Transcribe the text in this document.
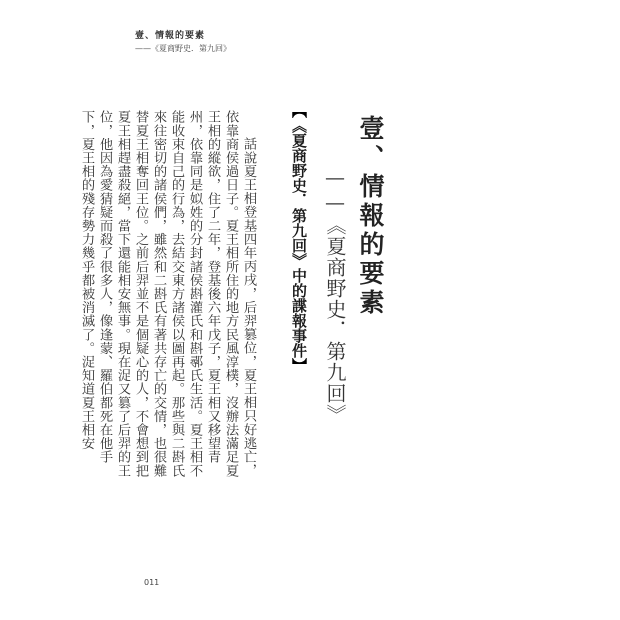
壹、情報的要素
——《夏商野史．第九回》
壹、情報的要素
——《夏商野史．第九回》
【《夏商野史．第九回》中的諜報事件】

話說夏王相登基四年丙戌，后羿篡位，夏王相只好逃亡，依靠商侯過日子。夏王相所住的地方民風淳樸，沒辦法滿足夏王相的縱欲，住了二年，登基後六年戊子，夏王相又移望青州，依靠同是姒姓的分封諸侯斟灌氏和斟鄩氏生活。夏王相不能收束自己的行為，去結交東方諸侯以圖再起。那些與二斟氏來往密切的諸侯們，雖然和二斟氏有著共存亡的交情，也很難替夏王相奪回王位。之前后羿並不是個疑心的人，不會想到把夏王相趕盡殺絕，當下還能相安無事。現在浞又篡了后羿的王位，他因為愛猜疑而殺了很多人，像逢蒙、羅伯都死在他手下，夏王相的殘存勢力幾乎都被消滅了。浞知道夏王相安

011
